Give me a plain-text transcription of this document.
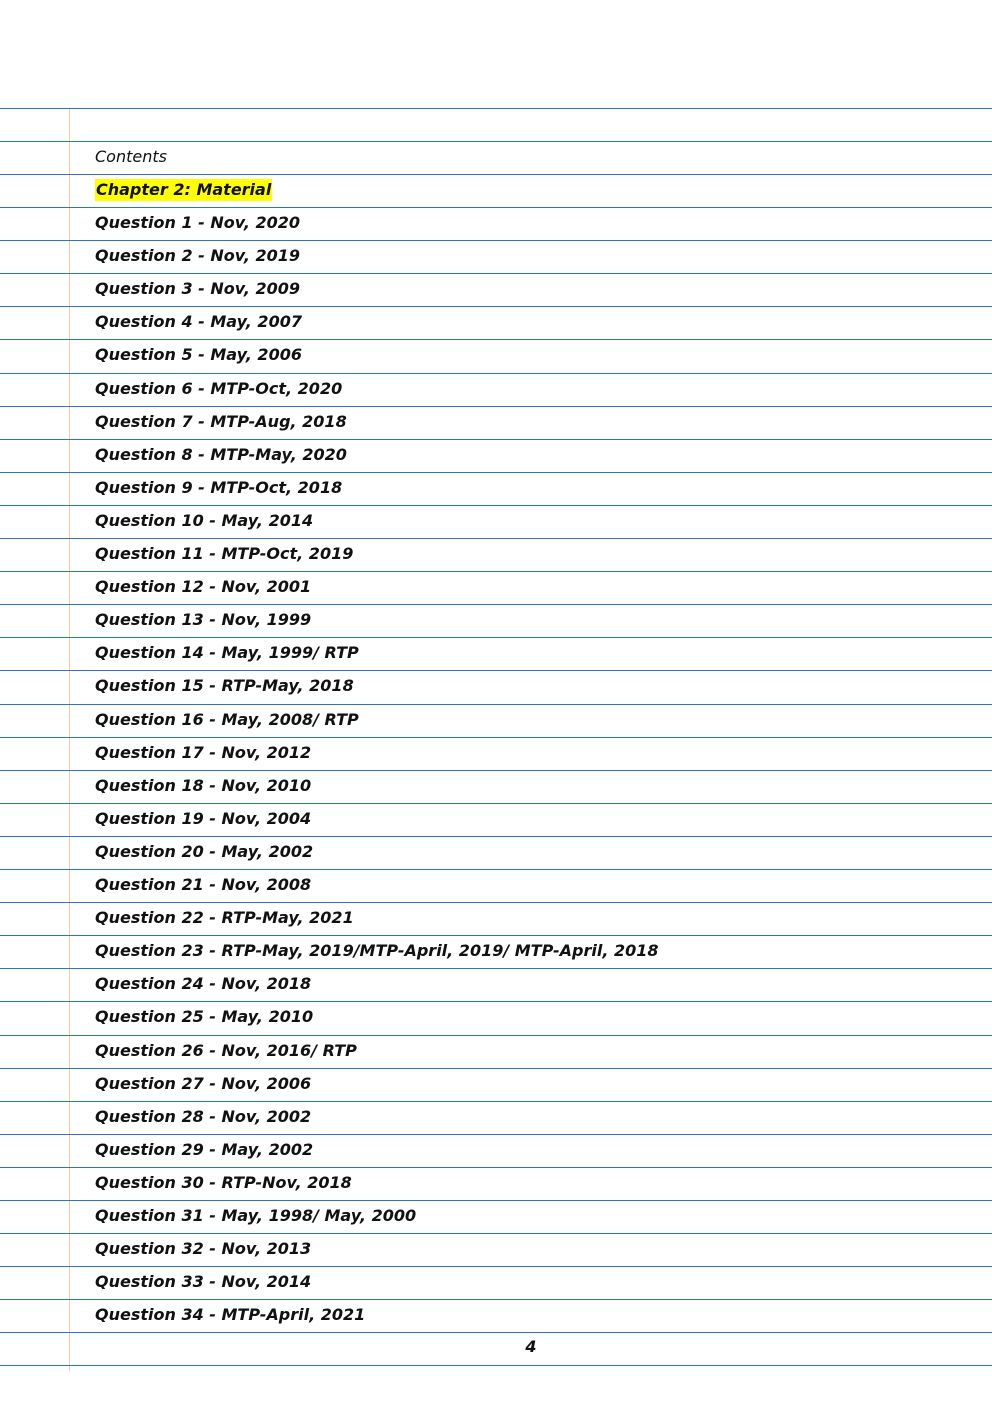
Contents
Chapter 2: Material
Question 1 - Nov, 2020
Question 2 - Nov, 2019
Question 3 - Nov, 2009
Question 4 - May, 2007
Question 5 - May, 2006
Question 6 - MTP-Oct, 2020
Question 7 - MTP-Aug, 2018
Question 8 - MTP-May, 2020
Question 9 - MTP-Oct, 2018
Question 10 - May, 2014
Question 11 - MTP-Oct, 2019
Question 12 - Nov, 2001
Question 13 - Nov, 1999
Question 14 - May, 1999/ RTP
Question 15 - RTP-May, 2018
Question 16 - May, 2008/ RTP
Question 17 - Nov, 2012
Question 18 - Nov, 2010
Question 19 - Nov, 2004
Question 20 - May, 2002
Question 21 - Nov, 2008
Question 22 - RTP-May, 2021
Question 23 - RTP-May, 2019/MTP-April, 2019/ MTP-April, 2018
Question 24 - Nov, 2018
Question 25 - May, 2010
Question 26 - Nov, 2016/ RTP
Question 27 - Nov, 2006
Question 28 - Nov, 2002
Question 29 - May, 2002
Question 30 - RTP-Nov, 2018
Question 31 - May, 1998/ May, 2000
Question 32 - Nov, 2013
Question 33 - Nov, 2014
Question 34 - MTP-April, 2021
4
